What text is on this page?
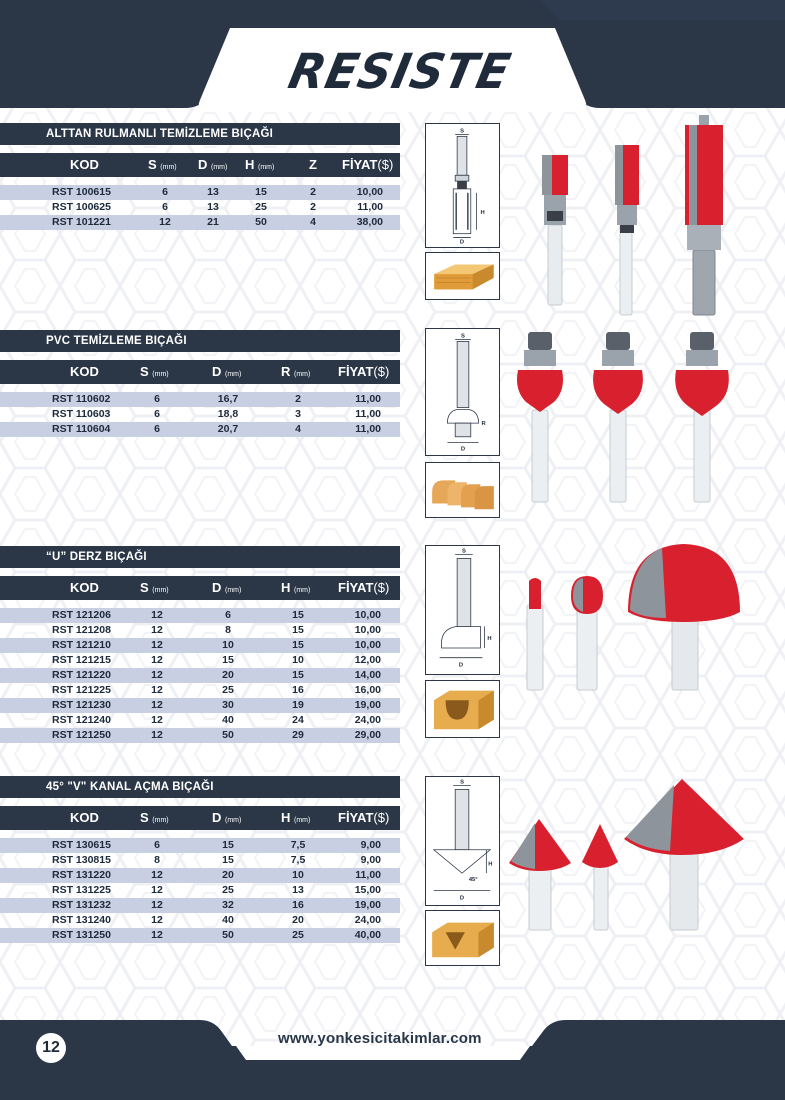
RESISTE
ALTTAN RULMANLI TEMİZLEME BIÇAĞI
KOD	S (mm) D (mm) H (mm)	Z FİYAT($)
RST 100615	6	13	15	2	10,00
RST 100625	6	13	25	2	11,00
RST 101221	12	21	50	4	38,00
S
H
D
PVC TEMİZLEME BIÇAĞI
KOD	S (mm)	D (mm)	R (mm) FİYAT($)
RST 110602	6	16,7	2	11,00
RST 110603	6	18,8	3	11,00
RST 110604	6	20,7	4	11,00
S
R
D
“U” DERZ BIÇAĞI
KOD	S (mm)	D (mm)	H (mm) FİYAT($)
RST 121206	12	6	15	10,00
RST 121208	12	8	15	10,00
RST 121210	12	10	15	10,00
RST 121215	12	15	10	12,00
RST 121220	12	20	15	14,00
RST 121225	12	25	16	16,00
RST 121230	12	30	19	19,00
RST 121240	12	40	24	24,00
RST 121250	12	50	29	29,00
S
H
D
45° "V" KANAL AÇMA BIÇAĞI
KOD	S (mm)	D (mm)	H (mm) FİYAT($)
RST 130615	6	15	7,5	9,00
RST 130815	8	15	7,5	9,00
RST 131220	12	20	10	11,00
RST 131225	12	25	13	15,00
RST 131232	12	32	16	19,00
RST 131240	12	40	20	24,00
RST 131250	12	50	25	40,00
S
H
45°
D
12
www.yonkesicitakimlar.com
